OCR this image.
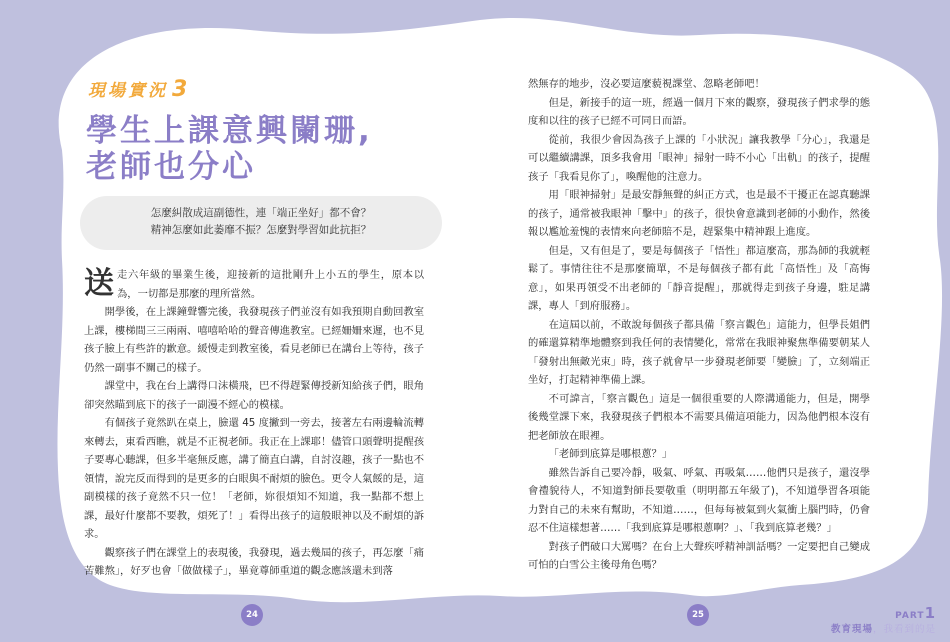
現場實況 3
學生上課意興闌珊,
老師也分心
怎麼糾散成這副德性，連「端正坐好」都不會？
精神怎麼如此萎靡不振？怎麼對學習如此抗拒？

送走六年級的畢業生後，迎接新的這批剛升上小五的學生，原本以為，一切都是那麼的理所當然。

開學後，在上課鐘聲響完後，我發現孩子們並沒有如我預期自動回教室上課，樓梯間三三兩兩、嘻嘻哈哈的聲音傳進教室。已經姍姍來遲，也不見孩子臉上有些許的歉意。緩慢走到教室後，看見老師已在講台上等待，孩子仍然一副事不關己的樣子。

課堂中，我在台上講得口沫橫飛，巴不得趕緊傳授新知給孩子們，眼角卻突然瞄到底下的孩子一副漫不經心的模樣。

有個孩子竟然趴在桌上，臉還 45 度撇到一旁去，接著左右兩邊輪流轉來轉去，東看西瞧，就是不正視老師。我正在上課耶！儘管口頭聲明提醒孩子要專心聽課，但多半毫無反應，講了簡直白講，自討沒趣，孩子一點也不領情，說完反而得到的是更多的白眼與不耐煩的臉色。更令人氣餒的是，這副模樣的孩子竟然不只一位！「老師，妳很煩知不知道，我一點都不想上課，最好什麼都不要教，煩死了！」看得出孩子的這般眼神以及不耐煩的訴求。

觀察孩子們在課堂上的表現後，我發現，過去幾屆的孩子，再怎麼「痛苦難熬」，好歹也會「做做樣子」，畢竟尊師重道的觀念應該還未到落

然無存的地步，沒必要這麼藐視課堂、忽略老師吧！

但是，新接手的這一班，經過一個月下來的觀察，發現孩子們求學的態度和以往的孩子已經不可同日而語。

從前，我很少會因為孩子上課的「小狀況」讓我教學「分心」，我還是可以繼續講課，頂多我會用「眼神」掃射一時不小心「出軌」的孩子，提醒孩子「我看見你了」，喚醒他的注意力。

用「眼神掃射」是最安靜無聲的糾正方式，也是最不干擾正在認真聽課的孩子，通常被我眼神「擊中」的孩子，很快會意識到老師的小動作，然後報以尷尬羞愧的表情來向老師賠不是，趕緊集中精神跟上進度。

但是，又有但是了，要是每個孩子「悟性」都這麼高，那為師的我就輕鬆了。事情往往不是那麼簡單，不是每個孩子都有此「高悟性」及「高悔意」，如果再領受不出老師的「靜音提醒」，那就得走到孩子身邊，駐足講課，專人「到府服務」。

在這屆以前，不敢說每個孩子都具備「察言觀色」這能力，但學長姐們的確還算精準地體察到我任何的表情變化，常常在我眼神聚焦準備要朝某人「發射出無敵光束」時，孩子就會早一步發現老師要「變臉」了，立刻端正坐好，打起精神準備上課。

不可諱言，「察言觀色」這是一個很重要的人際溝通能力，但是，開學後幾堂課下來，我發現孩子們根本不需要具備這項能力，因為他們根本沒有把老師放在眼裡。

「老師到底算是哪根蔥？」

雖然告訴自己要冷靜，吸氣、呼氣、再吸氣……他們只是孩子，還沒學會禮貌待人，不知道對師長要敬重（明明都五年級了)，不知道學習各項能力對自己的未來有幫助，不知道……，但每每被氣到火氣衝上腦門時，仍會忍不住這樣想著……「我到底算是哪根蔥啊？」、「我到底算老幾？」

對孩子們破口大罵嗎？在台上大聲疾呼精神訓話嗎？一定要把自己變成可怕的白雪公主後母角色嗎？

24	25	PART1
教育現場，我看到的是
